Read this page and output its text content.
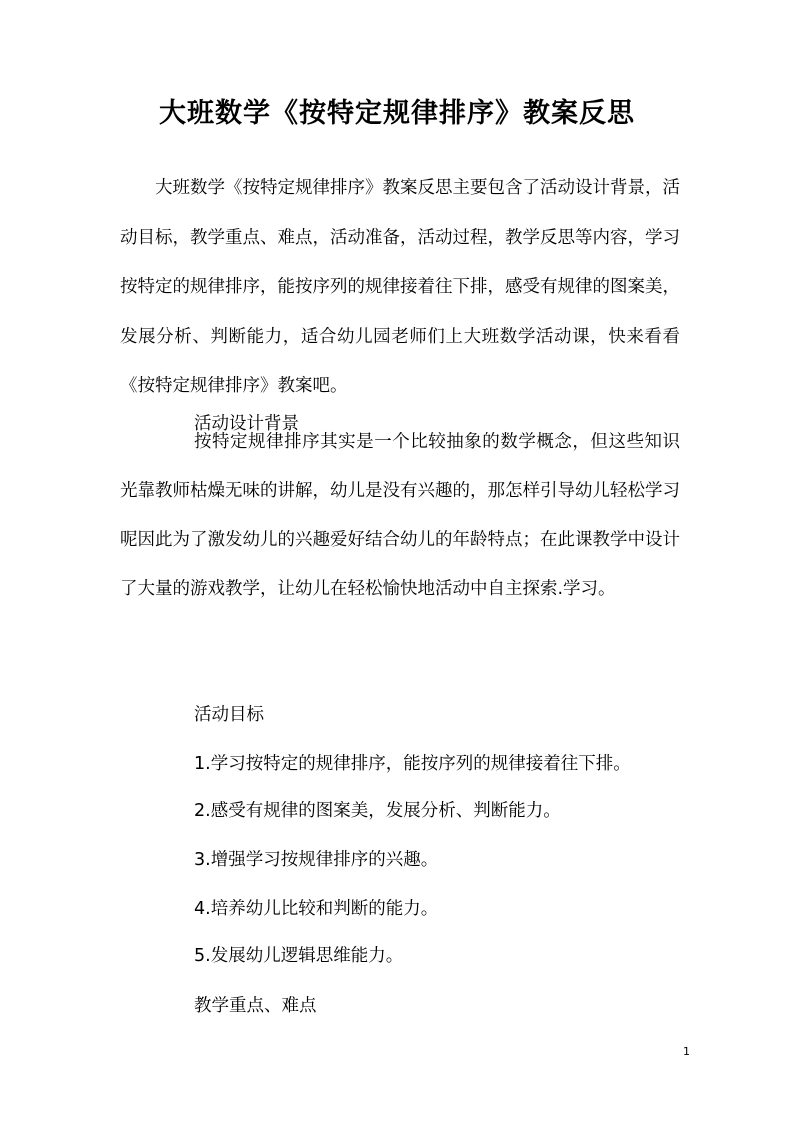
大班数学《按特定规律排序》教案反思

大班数学《按特定规律排序》教案反思主要包含了活动设计背景，活动目标，教学重点、难点，活动准备，活动过程，教学反思等内容，学习按特定的规律排序，能按序列的规律接着往下排，感受有规律的图案美，发展分析、判断能力，适合幼儿园老师们上大班数学活动课，快来看看《按特定规律排序》教案吧。

活动设计背景

按特定规律排序其实是一个比较抽象的数学概念，但这些知识光靠教师枯燥无味的讲解，幼儿是没有兴趣的，那怎样引导幼儿轻松学习呢因此为了激发幼儿的兴趣爱好结合幼儿的年龄特点；在此课教学中设计了大量的游戏教学，让幼儿在轻松愉快地活动中自主探索.学习。

活动目标

1.学习按特定的规律排序，能按序列的规律接着往下排。

2.感受有规律的图案美，发展分析、判断能力。

3.增强学习按规律排序的兴趣。

4.培养幼儿比较和判断的能力。

5.发展幼儿逻辑思维能力。

教学重点、难点

1
